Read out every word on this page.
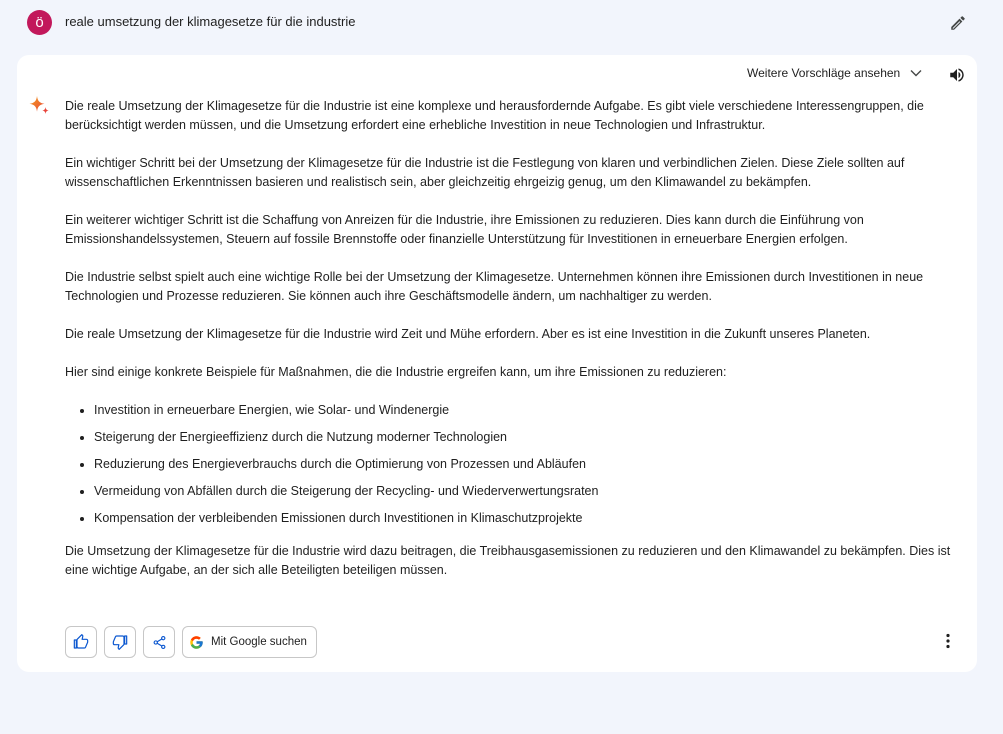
ö	reale umsetzung der klimagesetze für die industrie
Weitere Vorschläge ansehen

Die reale Umsetzung der Klimagesetze für die Industrie ist eine komplexe und herausfordernde Aufgabe. Es gibt viele verschiedene Interessengruppen, die berücksichtigt werden müssen, und die Umsetzung erfordert eine erhebliche Investition in neue Technologien und Infrastruktur.

Ein wichtiger Schritt bei der Umsetzung der Klimagesetze für die Industrie ist die Festlegung von klaren und verbindlichen Zielen. Diese Ziele sollten auf wissenschaftlichen Erkenntnissen basieren und realistisch sein, aber gleichzeitig ehrgeizig genug, um den Klimawandel zu bekämpfen.

Ein weiterer wichtiger Schritt ist die Schaffung von Anreizen für die Industrie, ihre Emissionen zu reduzieren. Dies kann durch die Einführung von Emissionshandelssystemen, Steuern auf fossile Brennstoffe oder finanzielle Unterstützung für Investitionen in erneuerbare Energien erfolgen.

Die Industrie selbst spielt auch eine wichtige Rolle bei der Umsetzung der Klimagesetze. Unternehmen können ihre Emissionen durch Investitionen in neue Technologien und Prozesse reduzieren. Sie können auch ihre Geschäftsmodelle ändern, um nachhaltiger zu werden.

Die reale Umsetzung der Klimagesetze für die Industrie wird Zeit und Mühe erfordern. Aber es ist eine Investition in die Zukunft unseres Planeten.

Hier sind einige konkrete Beispiele für Maßnahmen, die die Industrie ergreifen kann, um ihre Emissionen zu reduzieren:

• Investition in erneuerbare Energien, wie Solar- und Windenergie
• Steigerung der Energieeffizienz durch die Nutzung moderner Technologien
• Reduzierung des Energieverbrauchs durch die Optimierung von Prozessen und Abläufen
• Vermeidung von Abfällen durch die Steigerung der Recycling- und Wiederverwertungsraten
• Kompensation der verbleibenden Emissionen durch Investitionen in Klimaschutzprojekte

Die Umsetzung der Klimagesetze für die Industrie wird dazu beitragen, die Treibhausgasemissionen zu reduzieren und den Klimawandel zu bekämpfen. Dies ist eine wichtige Aufgabe, an der sich alle Beteiligten beteiligen müssen.

Mit Google suchen
